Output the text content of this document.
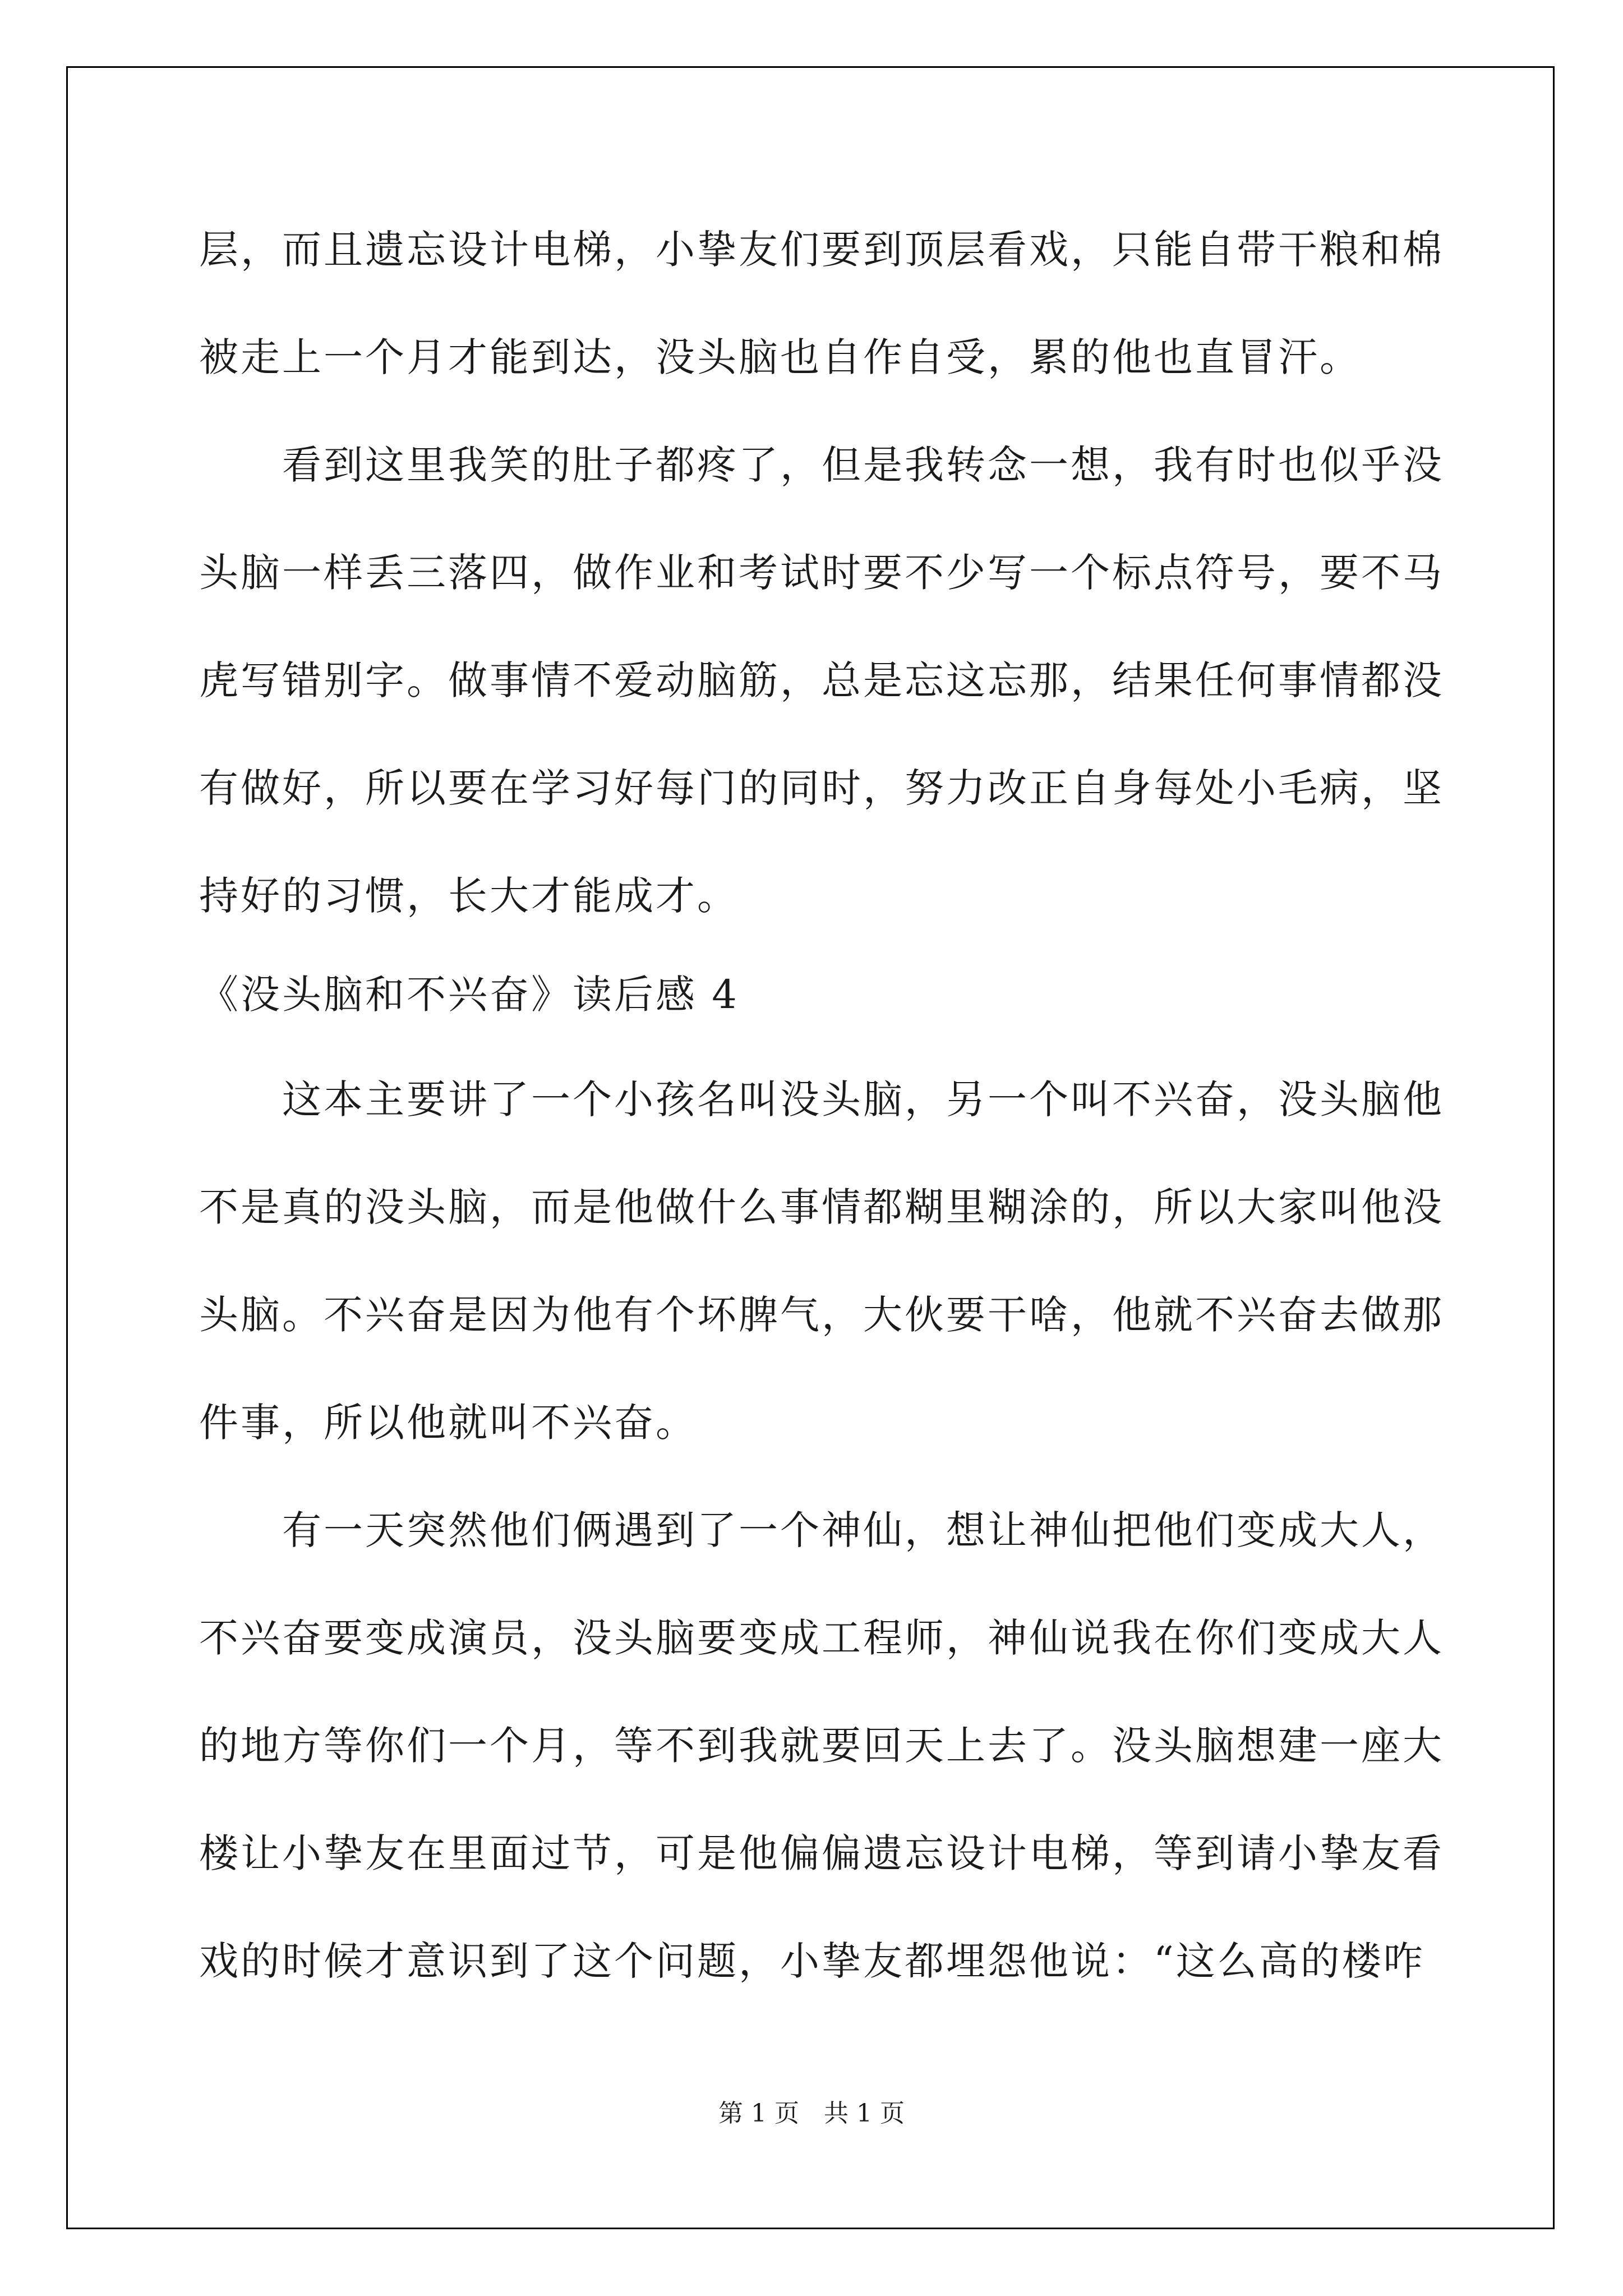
层，而且遗忘设计电梯，小挚友们要到顶层看戏，只能自带干粮和棉
被走上一个月才能到达，没头脑也自作自受，累的他也直冒汗。
　　看到这里我笑的肚子都疼了，但是我转念一想，我有时也似乎没
头脑一样丢三落四，做作业和考试时要不少写一个标点符号，要不马
虎写错别字。做事情不爱动脑筋，总是忘这忘那，结果任何事情都没
有做好，所以要在学习好每门的同时，努力改正自身每处小毛病，坚
持好的习惯，长大才能成才。
《没头脑和不兴奋》读后感 4
　　这本主要讲了一个小孩名叫没头脑，另一个叫不兴奋，没头脑他
不是真的没头脑，而是他做什么事情都糊里糊涂的，所以大家叫他没
头脑。不兴奋是因为他有个坏脾气，大伙要干啥，他就不兴奋去做那
件事，所以他就叫不兴奋。
　　有一天突然他们俩遇到了一个神仙，想让神仙把他们变成大人，
不兴奋要变成演员，没头脑要变成工程师，神仙说我在你们变成大人
的地方等你们一个月，等不到我就要回天上去了。没头脑想建一座大
楼让小挚友在里面过节，可是他偏偏遗忘设计电梯，等到请小挚友看
戏的时候才意识到了这个问题，小挚友都埋怨他说：“这么高的楼咋
第 1 页　共 1 页
